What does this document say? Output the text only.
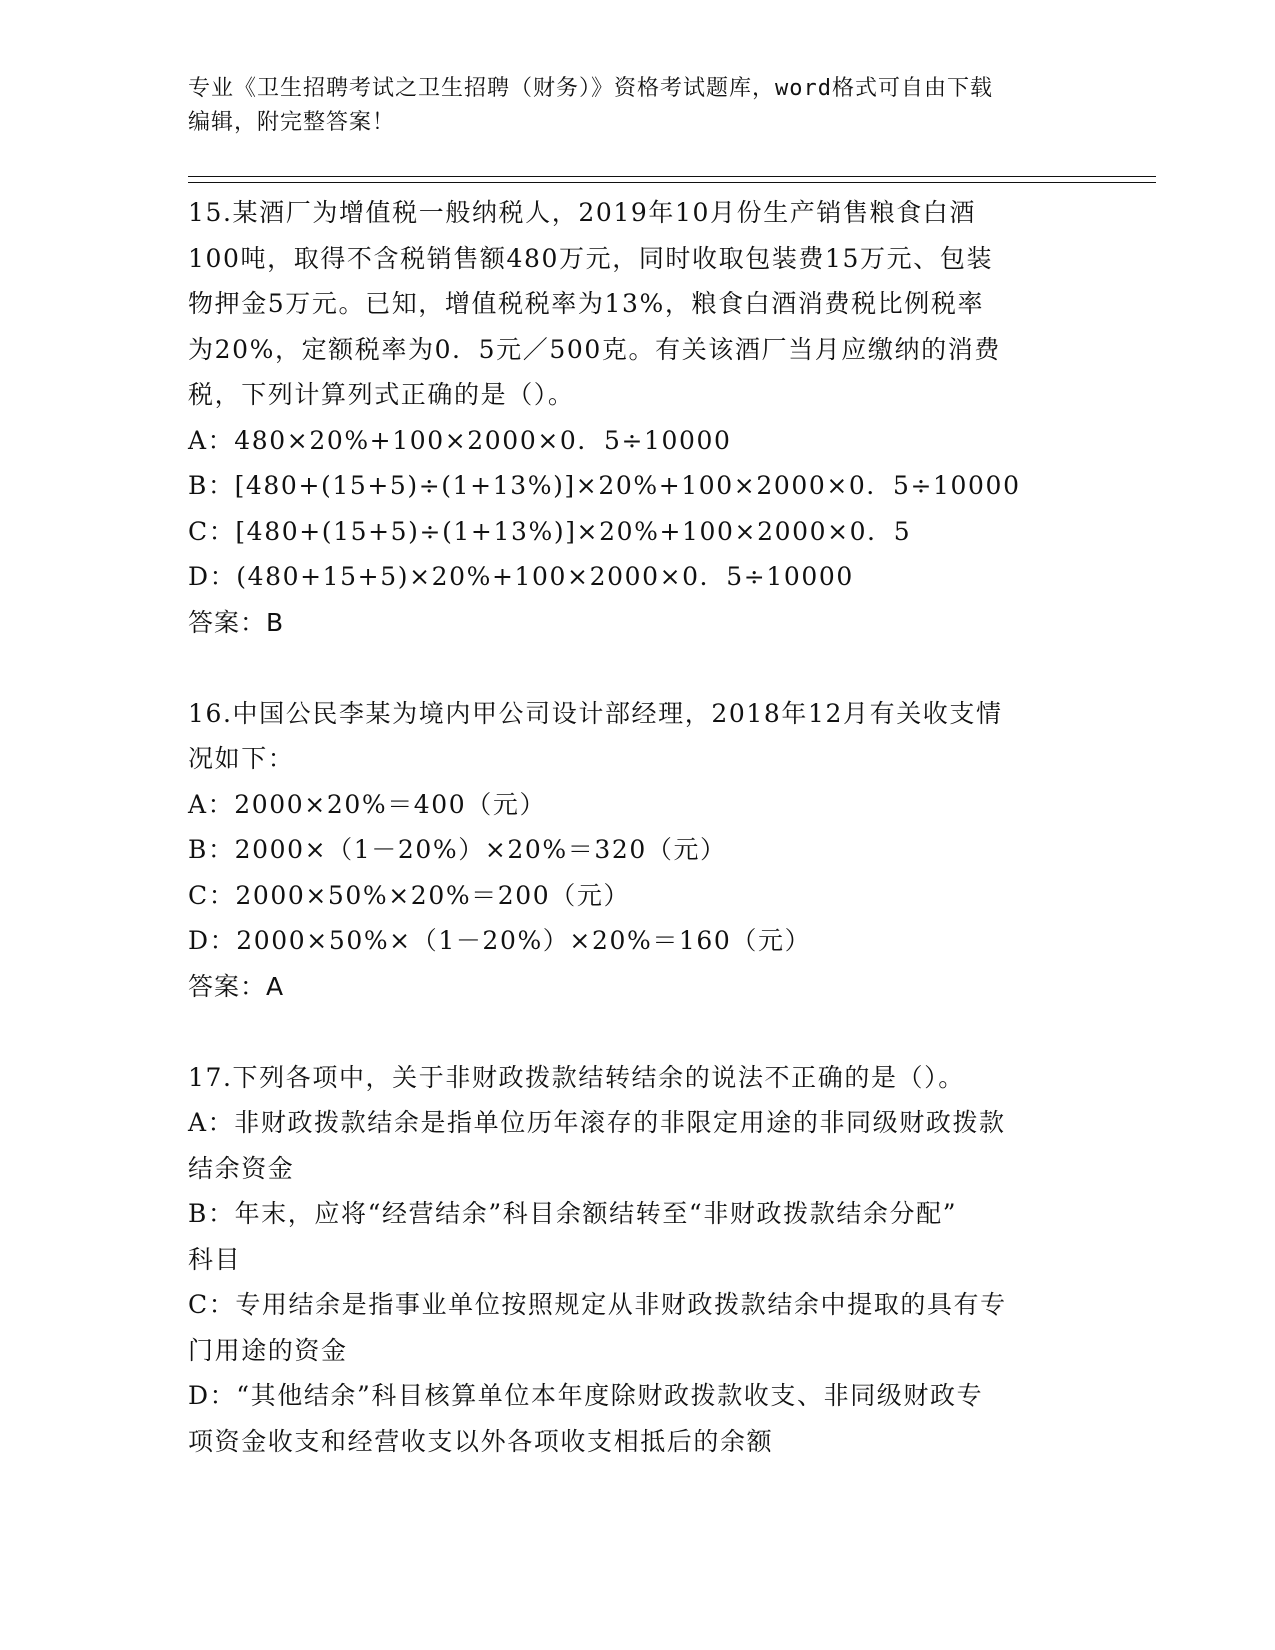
专业《卫生招聘考试之卫生招聘（财务）》资格考试题库，word格式可自由下载

编辑，附完整答案！

15.某酒厂为增值税一般纳税人，2019年10月份生产销售粮食白酒
100吨，取得不含税销售额480万元，同时收取包装费15万元、包装
物押金5万元。已知，增值税税率为13%，粮食白酒消费税比例税率
为20%，定额税率为0．5元／500克。有关该酒厂当月应缴纳的消费
税，下列计算列式正确的是（）。
A：480×20%+100×2000×0．5÷10000
B：[480+(15+5)÷(1+13%)]×20%+100×2000×0．5÷10000
C：[480+(15+5)÷(1+13%)]×20%+100×2000×0．5
D：(480+15+5)×20%+100×2000×0．5÷10000
答案：B
16.中国公民李某为境内甲公司设计部经理，2018年12月有关收支情
况如下：
A：2000×20%＝400（元）
B：2000×（1－20%）×20%＝320（元）
C：2000×50%×20%＝200（元）
D：2000×50%×（1－20%）×20%＝160（元）
答案：A
17.下列各项中，关于非财政拨款结转结余的说法不正确的是（）。
A：非财政拨款结余是指单位历年滚存的非限定用途的非同级财政拨款
结余资金
B：年末，应将“经营结余”科目余额结转至“非财政拨款结余分配”
科目
C：专用结余是指事业单位按照规定从非财政拨款结余中提取的具有专
门用途的资金
D：“其他结余”科目核算单位本年度除财政拨款收支、非同级财政专
项资金收支和经营收支以外各项收支相抵后的余额
